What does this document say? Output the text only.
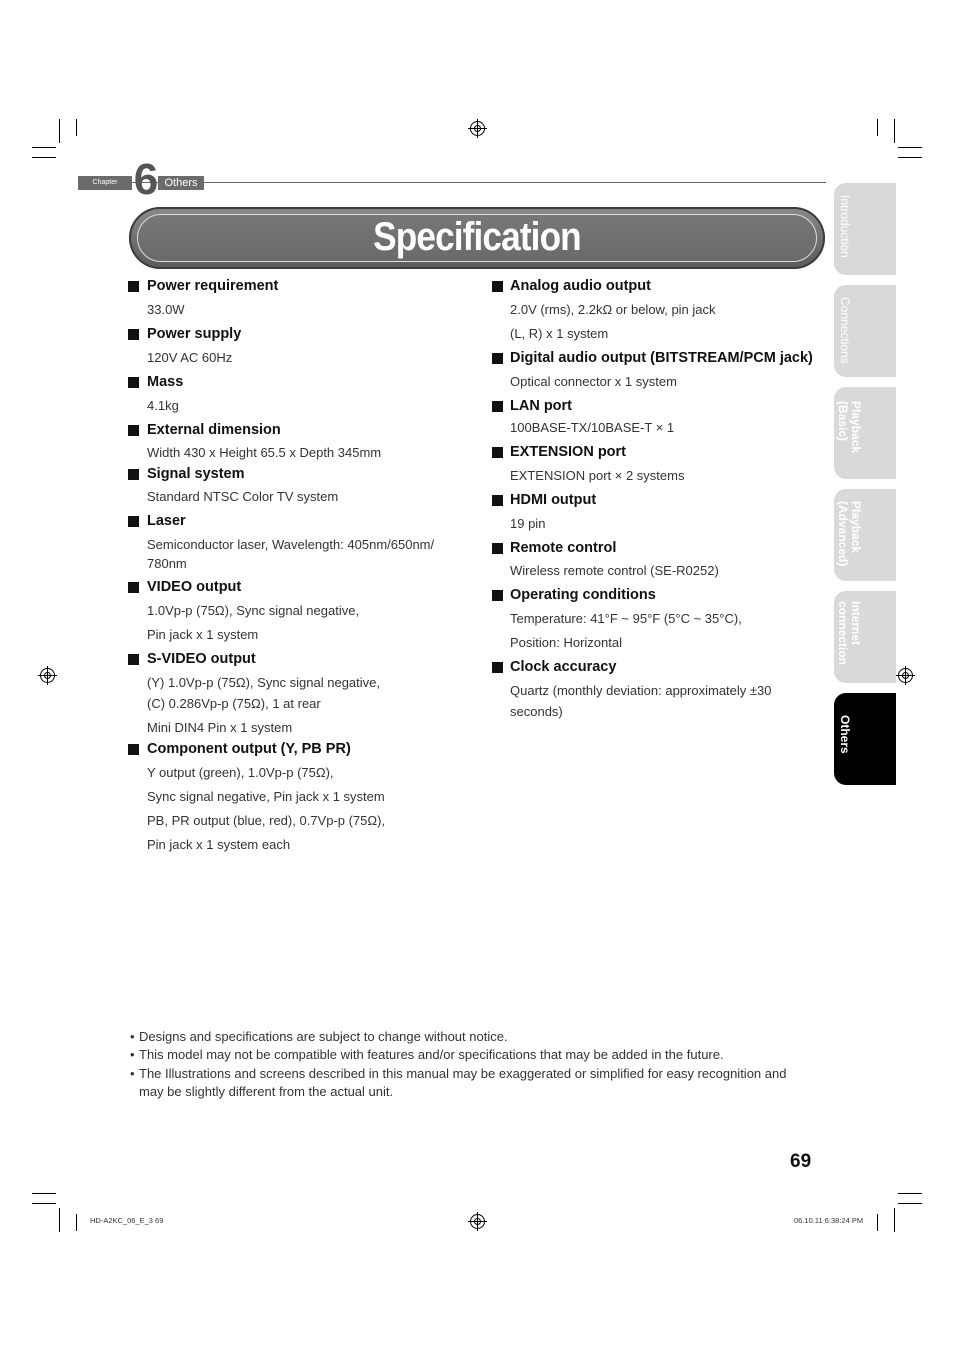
Chapter 6 Others
Specification	Introduction
Connections
Playback
(Basic)
Playback
(Advanced)
Internet
connection
Others
Power requirement
33.0W
Power supply
120V AC 60Hz
Mass
4.1kg
External dimension
Width 430 x Height 65.5 x Depth 345mm
Signal system
Standard NTSC Color TV system
Laser
Semiconductor laser, Wavelength: 405nm/650nm/
780nm
VIDEO output
1.0Vp-p (75Ω), Sync signal negative,
Pin jack x 1 system
S-VIDEO output
(Y) 1.0Vp-p (75Ω), Sync signal negative,
(C) 0.286Vp-p (75Ω), 1 at rear
Mini DIN4 Pin x 1 system
Component output (Y, PB PR)
Y output (green), 1.0Vp-p (75Ω),
Sync signal negative, Pin jack x 1 system
PB, PR output (blue, red), 0.7Vp-p (75Ω),
Pin jack x 1 system each
Analog audio output
2.0V (rms), 2.2kΩ or below, pin jack
(L, R) x 1 system
Digital audio output (BITSTREAM/PCM jack)
Optical connector x 1 system
LAN port
100BASE-TX/10BASE-T × 1
EXTENSION port
EXTENSION port × 2 systems
HDMI output
19 pin
Remote control
Wireless remote control (SE-R0252)
Operating conditions
Temperature: 41°F ~ 95°F (5°C ~ 35°C),
Position: Horizontal
Clock accuracy
Quartz (monthly deviation: approximately ±30
seconds)
• Designs and specifications are subject to change without notice.
• This model may not be compatible with features and/or specifications that may be added in the future.
• The Illustrations and screens described in this manual may be exaggerated or simplified for easy recognition and
may be slightly different from the actual unit.
69
HD-A2KC_06_E_3 69	06.10.11 6:38:24 PM
